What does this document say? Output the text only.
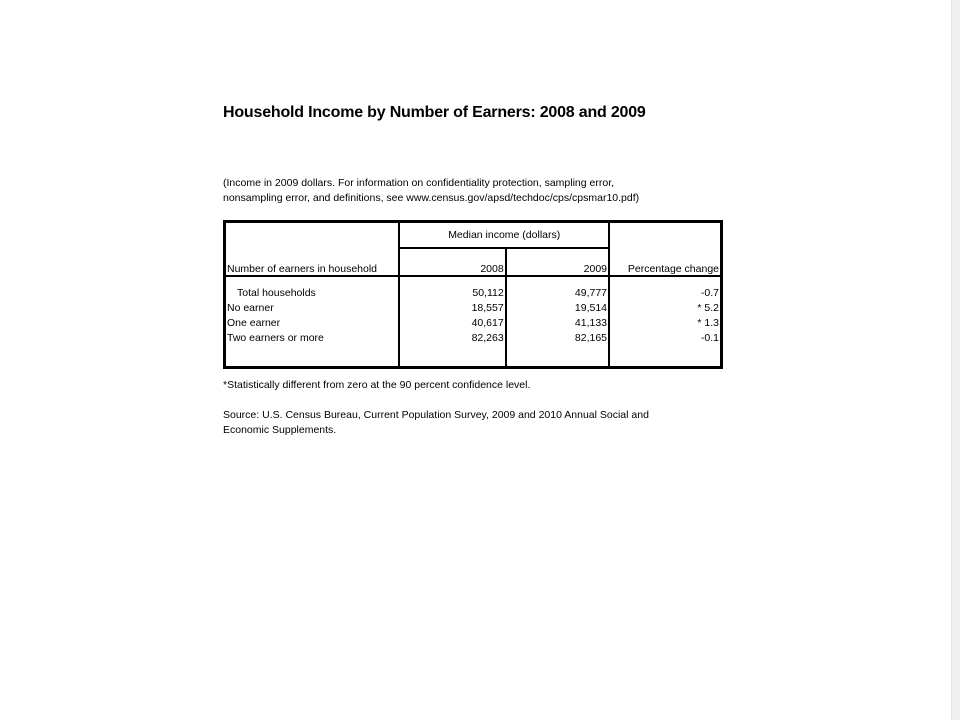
Household Income by Number of Earners: 2008 and 2009
(Income in 2009 dollars. For information on confidentiality protection, sampling error,
nonsampling error, and definitions, see www.census.gov/apsd/techdoc/cps/cpsmar10.pdf)
	Median income (dollars)		
Number of earners in household	2008	2009	Percentage change

Total households	50,112	49,777	-0.7
No earner	18,557	19,514	* 5.2
One earner	40,617	41,133	* 1.3
Two earners or more	82,263	82,165	-0.1

*Statistically different from zero at the 90 percent confidence level.
Source: U.S. Census Bureau, Current Population Survey, 2009 and 2010 Annual Social and
Economic Supplements.
